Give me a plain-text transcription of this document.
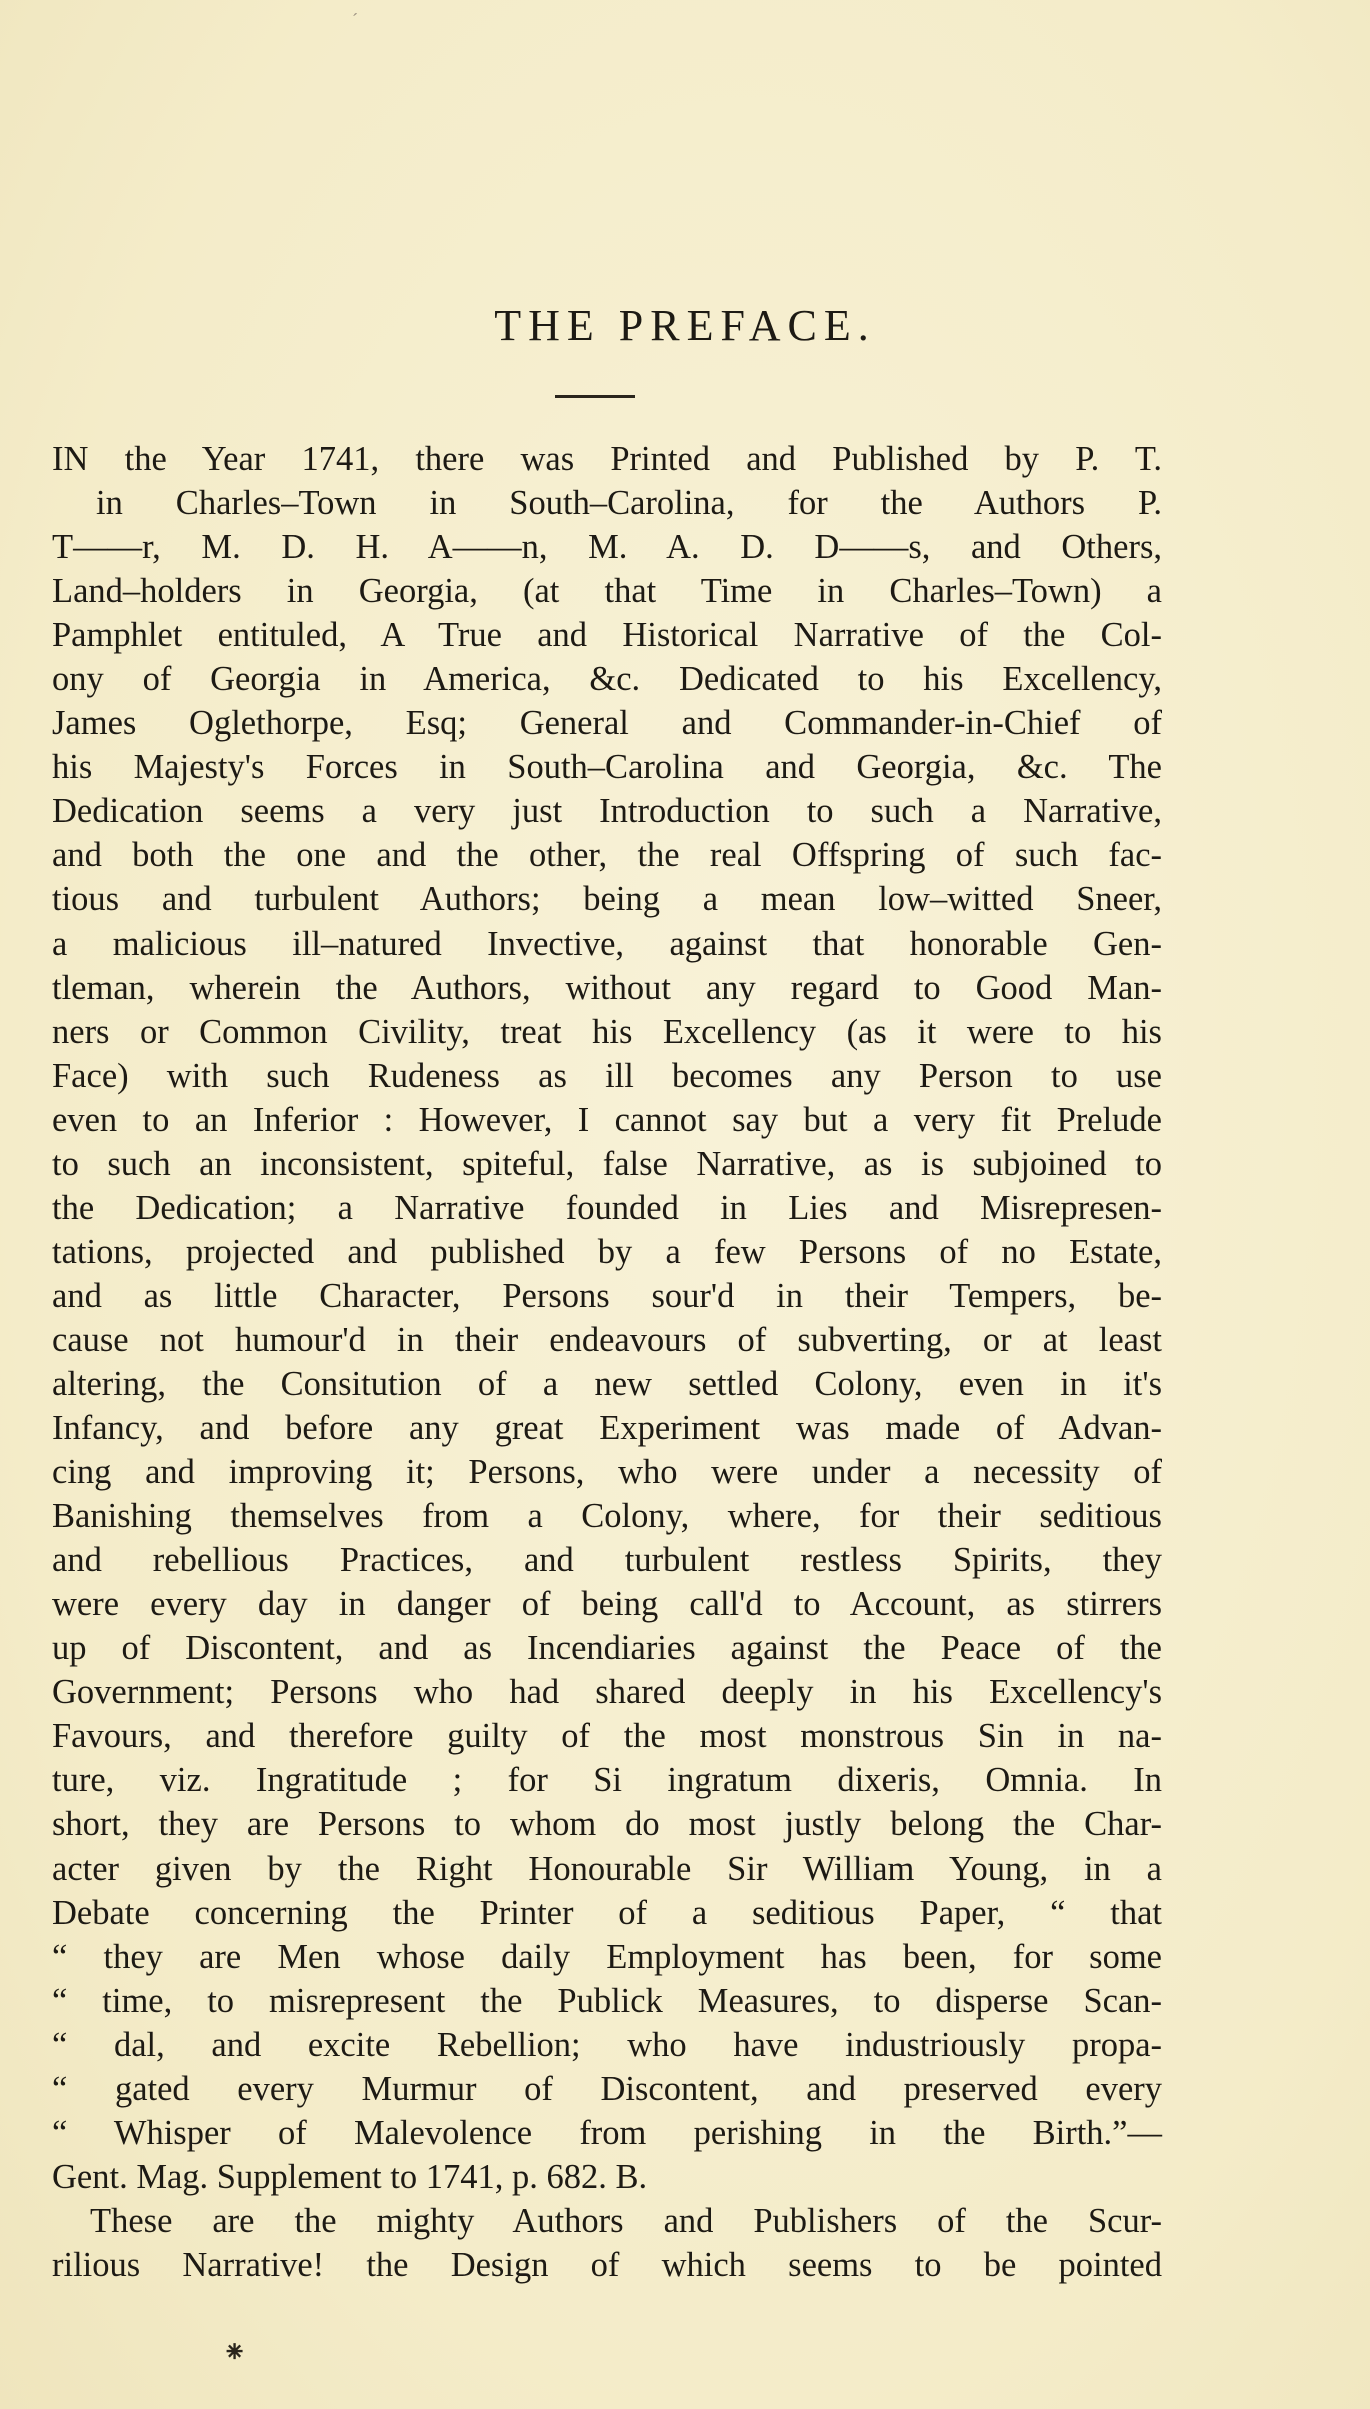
´
THE PREFACE.
IN the Year 1741, there was Printed and Published by P. T.
in Charles–Town in South–Carolina, for the Authors P.
T——r, M. D. H. A——n, M. A. D. D——s, and Others,
Land–holders in Georgia, (at that Time in Charles–Town) a
Pamphlet entituled, A True and Historical Narrative of the Col-
ony of Georgia in America, &c. Dedicated to his Excellency,
James Oglethorpe, Esq; General and Commander-in-Chief of
his Majesty's Forces in South–Carolina and Georgia, &c. The
Dedication seems a very just Introduction to such a Narrative,
and both the one and the other, the real Offspring of such fac-
tious and turbulent Authors; being a mean low–witted Sneer,
a malicious ill–natured Invective, against that honorable Gen-
tleman, wherein the Authors, without any regard to Good Man-
ners or Common Civility, treat his Excellency (as it were to his
Face) with such Rudeness as ill becomes any Person to use
even to an Inferior : However, I cannot say but a very fit Prelude
to such an inconsistent, spiteful, false Narrative, as is subjoined to
the Dedication; a Narrative founded in Lies and Misrepresen-
tations, projected and published by a few Persons of no Estate,
and as little Character, Persons sour'd in their Tempers, be-
cause not humour'd in their endeavours of subverting, or at least
altering, the Consitution of a new settled Colony, even in it's
Infancy, and before any great Experiment was made of Advan-
cing and improving it; Persons, who were under a necessity of
Banishing themselves from a Colony, where, for their seditious
and rebellious Practices, and turbulent restless Spirits, they
were every day in danger of being call'd to Account, as stirrers
up of Discontent, and as Incendiaries against the Peace of the
Government; Persons who had shared deeply in his Excellency's
Favours, and therefore guilty of the most monstrous Sin in na-
ture, viz. Ingratitude ; for Si ingratum dixeris, Omnia. In
short, they are Persons to whom do most justly belong the Char-
acter given by the Right Honourable Sir William Young, in a
Debate concerning the Printer of a seditious Paper, “ that
“ they are Men whose daily Employment has been, for some
“ time, to misrepresent the Publick Measures, to disperse Scan-
“ dal, and excite Rebellion; who have industriously propa-
“ gated every Murmur of Discontent, and preserved every
“ Whisper of Malevolence from perishing in the Birth.”—
Gent. Mag. Supplement to 1741, p. 682. B.
These are the mighty Authors and Publishers of the Scur-
rilious Narrative! the Design of which seems to be pointed
⁕
